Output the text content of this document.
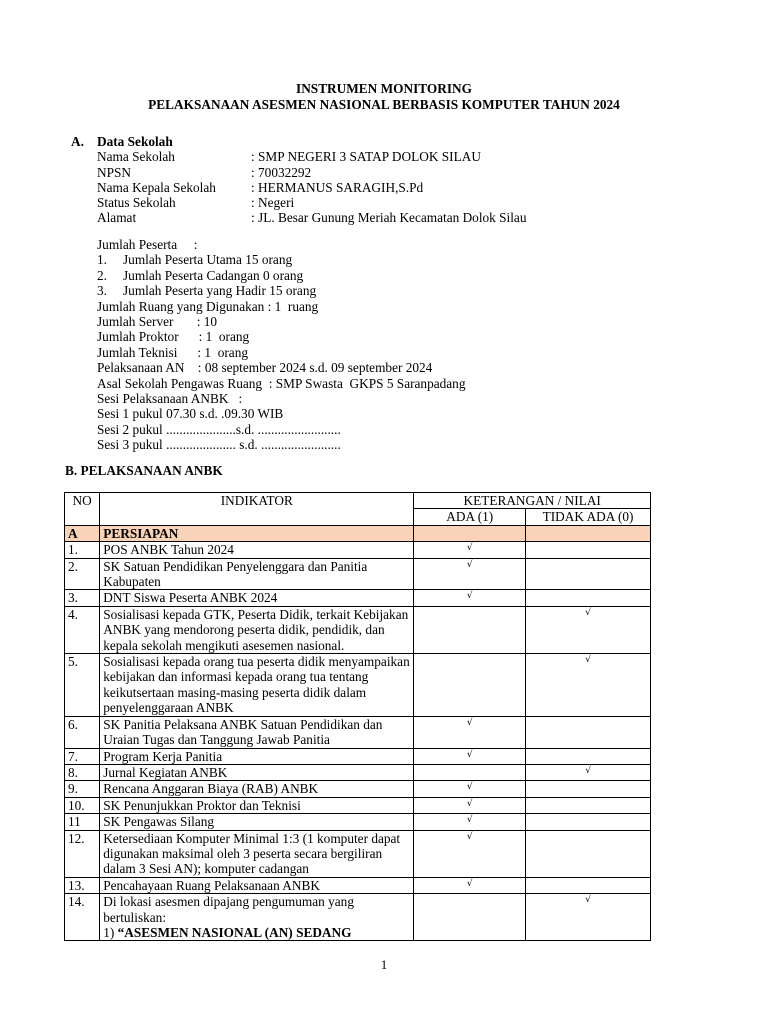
INSTRUMEN MONITORING
PELAKSANAAN ASESMEN NASIONAL BERBASIS KOMPUTER TAHUN 2024
A. Data Sekolah
Nama Sekolah	: SMP NEGERI 3 SATAP DOLOK SILAU
NPSN	: 70032292
Nama Kepala Sekolah	: HERMANUS SARAGIH,S.Pd
Status Sekolah	: Negeri
Alamat	: JL. Besar Gunung Meriah Kecamatan Dolok Silau
Jumlah Peserta     :
1. Jumlah Peserta Utama 15 orang
2. Jumlah Peserta Cadangan 0 orang
3. Jumlah Peserta yang Hadir 15 orang
Jumlah Ruang yang Digunakan : 1  ruang
Jumlah Server       : 10
Jumlah Proktor      : 1  orang
Jumlah Teknisi      : 1  orang
Pelaksanaan AN    : 08 september 2024 s.d. 09 september 2024
Asal Sekolah Pengawas Ruang  : SMP Swasta  GKPS 5 Saranpadang
Sesi Pelaksanaan ANBK   :
Sesi 1 pukul 07.30 s.d. .09.30 WIB
Sesi 2 pukul .....................s.d. .........................
Sesi 3 pukul ..................... s.d. ........................
B. PELAKSANAAN ANBK
NO	INDIKATOR	KETERANGAN / NILAI	
		ADA (1)	TIDAK ADA (0)
A	PERSIAPAN		
1.	POS ANBK Tahun 2024	√	

2.	SK Satuan Pendidikan Penyelenggara dan Panitia Kabupaten	√	

3.	DNT Siswa Peserta ANBK 2024	√	

4.	Sosialisasi kepada GTK, Peserta Didik, terkait Kebijakan ANBK yang mendorong peserta didik, pendidik, dan kepala sekolah mengikuti asesemen nasional.		√

5.	Sosialisasi kepada orang tua peserta didik menyampaikan kebijakan dan informasi kepada orang tua tentang keikutsertaan masing-masing peserta didik dalam penyelenggaraan ANBK		√

6.	SK Panitia Pelaksana ANBK Satuan Pendidikan dan Uraian Tugas dan Tanggung Jawab Panitia	√	

7.	Program Kerja Panitia	√	

8.	Jurnal Kegiatan ANBK		√

9.	Rencana Anggaran Biaya (RAB) ANBK	√	

10.	SK Penunjukkan Proktor dan Teknisi	√	

11	SK Pengawas Silang	√	

12.	Ketersediaan Komputer Minimal 1:3 (1 komputer dapat digunakan maksimal oleh 3 peserta secara bergiliran dalam 3 Sesi AN); komputer cadangan	√	

13.	Pencahayaan Ruang Pelaksanaan ANBK	√	

14.	Di lokasi asesmen dipajang pengumuman yang bertuliskan:
1) “ASESMEN NASIONAL (AN) SEDANG		√
1
